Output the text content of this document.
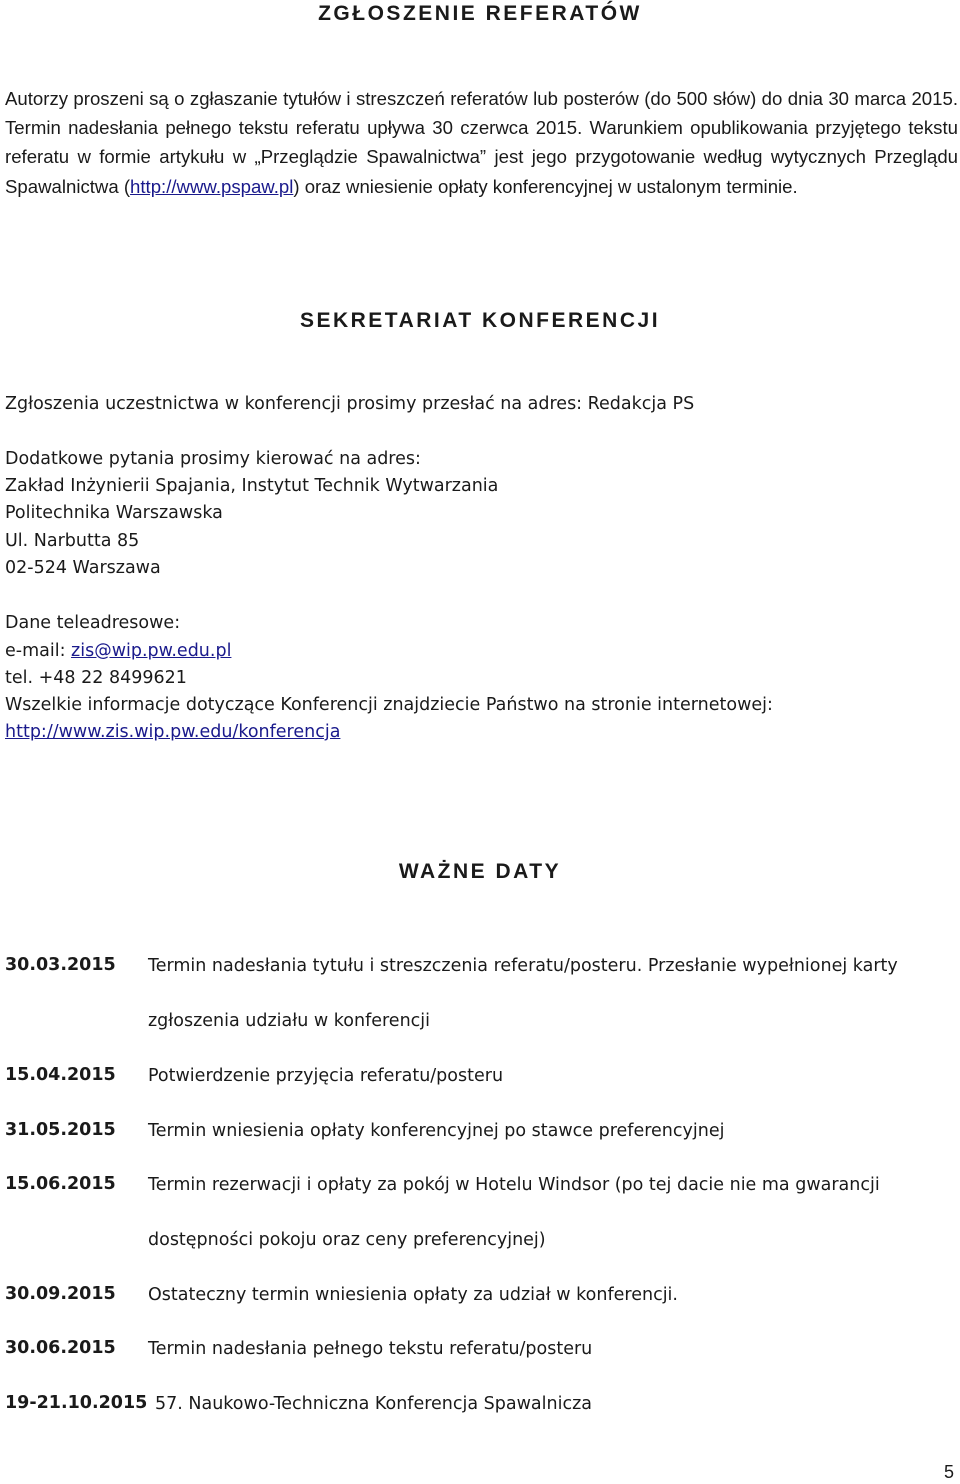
ZGŁOSZENIE REFERATÓW

Autorzy proszeni są o zgłaszanie tytułów i streszczeń referatów lub posterów (do 500 słów) do dnia 30 marca 2015. Termin nadesłania pełnego tekstu referatu upływa 30 czerwca 2015. Warunkiem opublikowania przyjętego tekstu referatu w formie artykułu w „Przeglądzie Spawalnictwa” jest jego przygotowanie według wytycznych Przeglądu Spawalnictwa (http://www.pspaw.pl) oraz wniesienie opłaty konferencyjnej w ustalonym terminie.

SEKRETARIAT KONFERENCJI

Zgłoszenia uczestnictwa w konferencji prosimy przesłać na adres: Redakcja PS

Dodatkowe pytania prosimy kierować na adres:

Zakład Inżynierii Spajania, Instytut Technik Wytwarzania

Politechnika Warszawska

Ul. Narbutta 85

02-524 Warszawa

Dane teleadresowe:

e-mail: zis@wip.pw.edu.pl

tel. +48 22 8499621

Wszelkie informacje dotyczące Konferencji znajdziecie Państwo na stronie internetowej:

http://www.zis.wip.pw.edu/konferencja

WAŻNE DATY
30.03.2015 Termin nadesłania tytułu i streszczenia referatu/posteru. Przesłanie wypełnionej karty zgłoszenia udziału w konferencji
15.04.2015 Potwierdzenie przyjęcia referatu/posteru
31.05.2015 Termin wniesienia opłaty konferencyjnej po stawce preferencyjnej
15.06.2015 Termin rezerwacji i opłaty za pokój w Hotelu Windsor (po tej dacie nie ma gwarancji dostępności pokoju oraz ceny preferencyjnej)
30.09.2015 Ostateczny termin wniesienia opłaty za udział w konferencji.
30.06.2015 Termin nadesłania pełnego tekstu referatu/posteru
19-21.10.2015 57. Naukowo-Techniczna Konferencja Spawalnicza

5
